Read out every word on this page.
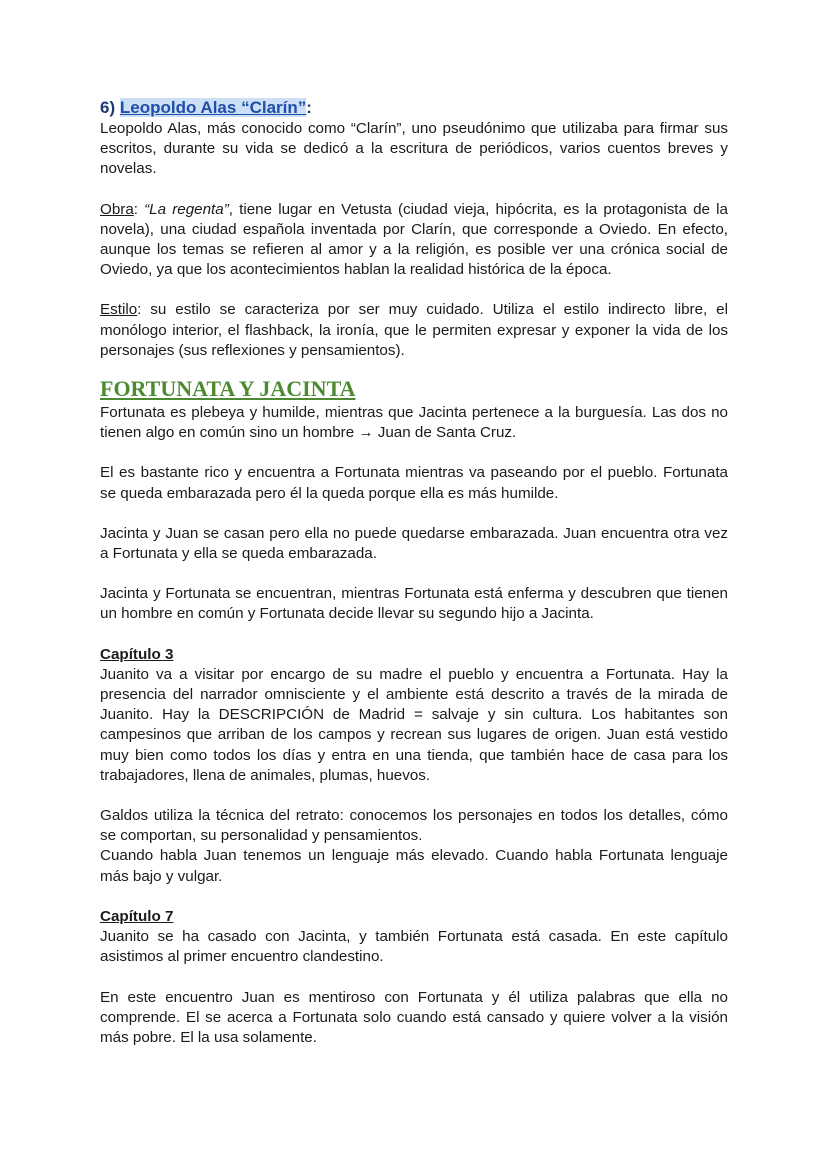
6) Leopoldo Alas “Clarín”:

Leopoldo Alas, más conocido como “Clarín”, uno pseudónimo que utilizaba para firmar sus escritos, durante su vida se dedicó a la escritura de periódicos, varios cuentos breves y novelas.

Obra: “La regenta”, tiene lugar en Vetusta (ciudad vieja, hipócrita, es la protagonista de la novela), una ciudad española inventada por Clarín, que corresponde a Oviedo. En efecto, aunque los temas se refieren al amor y a la religión, es posible ver una crónica social de Oviedo, ya que los acontecimientos hablan la realidad histórica de la época.

Estilo: su estilo se caracteriza por ser muy cuidado. Utiliza el estilo indirecto libre, el monólogo interior, el flashback, la ironía, que le permiten expresar y exponer la vida de los personajes (sus reflexiones y pensamientos).

FORTUNATA Y JACINTA

Fortunata es plebeya y humilde, mientras que Jacinta pertenece a la burguesía. Las dos no tienen algo en común sino un hombre → Juan de Santa Cruz.

El es bastante rico y encuentra a Fortunata mientras va paseando por el pueblo. Fortunata se queda embarazada pero él la queda porque ella es más humilde.

Jacinta y Juan se casan pero ella no puede quedarse embarazada. Juan encuentra otra vez a Fortunata y ella se queda embarazada.

Jacinta y Fortunata se encuentran, mientras Fortunata está enferma y descubren que tienen un hombre en común y Fortunata decide llevar su segundo hijo a Jacinta.

Capítulo 3

Juanito va a visitar por encargo de su madre el pueblo y encuentra a Fortunata. Hay la presencia del narrador omnisciente y el ambiente está descrito a través de la mirada de Juanito. Hay la DESCRIPCIÓN de Madrid = salvaje y sin cultura. Los habitantes son campesinos que arriban de los campos y recrean sus lugares de origen. Juan está vestido muy bien como todos los días y entra en una tienda, que también hace de casa para los trabajadores, llena de animales, plumas, huevos.

Galdos utiliza la técnica del retrato: conocemos los personajes en todos los detalles, cómo se comportan, su personalidad y pensamientos.

Cuando habla Juan tenemos un lenguaje más elevado. Cuando habla Fortunata lenguaje más bajo y vulgar.

Capítulo 7

Juanito se ha casado con Jacinta, y también Fortunata está casada. En este capítulo asistimos al primer encuentro clandestino.

En este encuentro Juan es mentiroso con Fortunata y él utiliza palabras que ella no comprende. El se acerca a Fortunata solo cuando está cansado y quiere volver a la visión más pobre. El la usa solamente.
